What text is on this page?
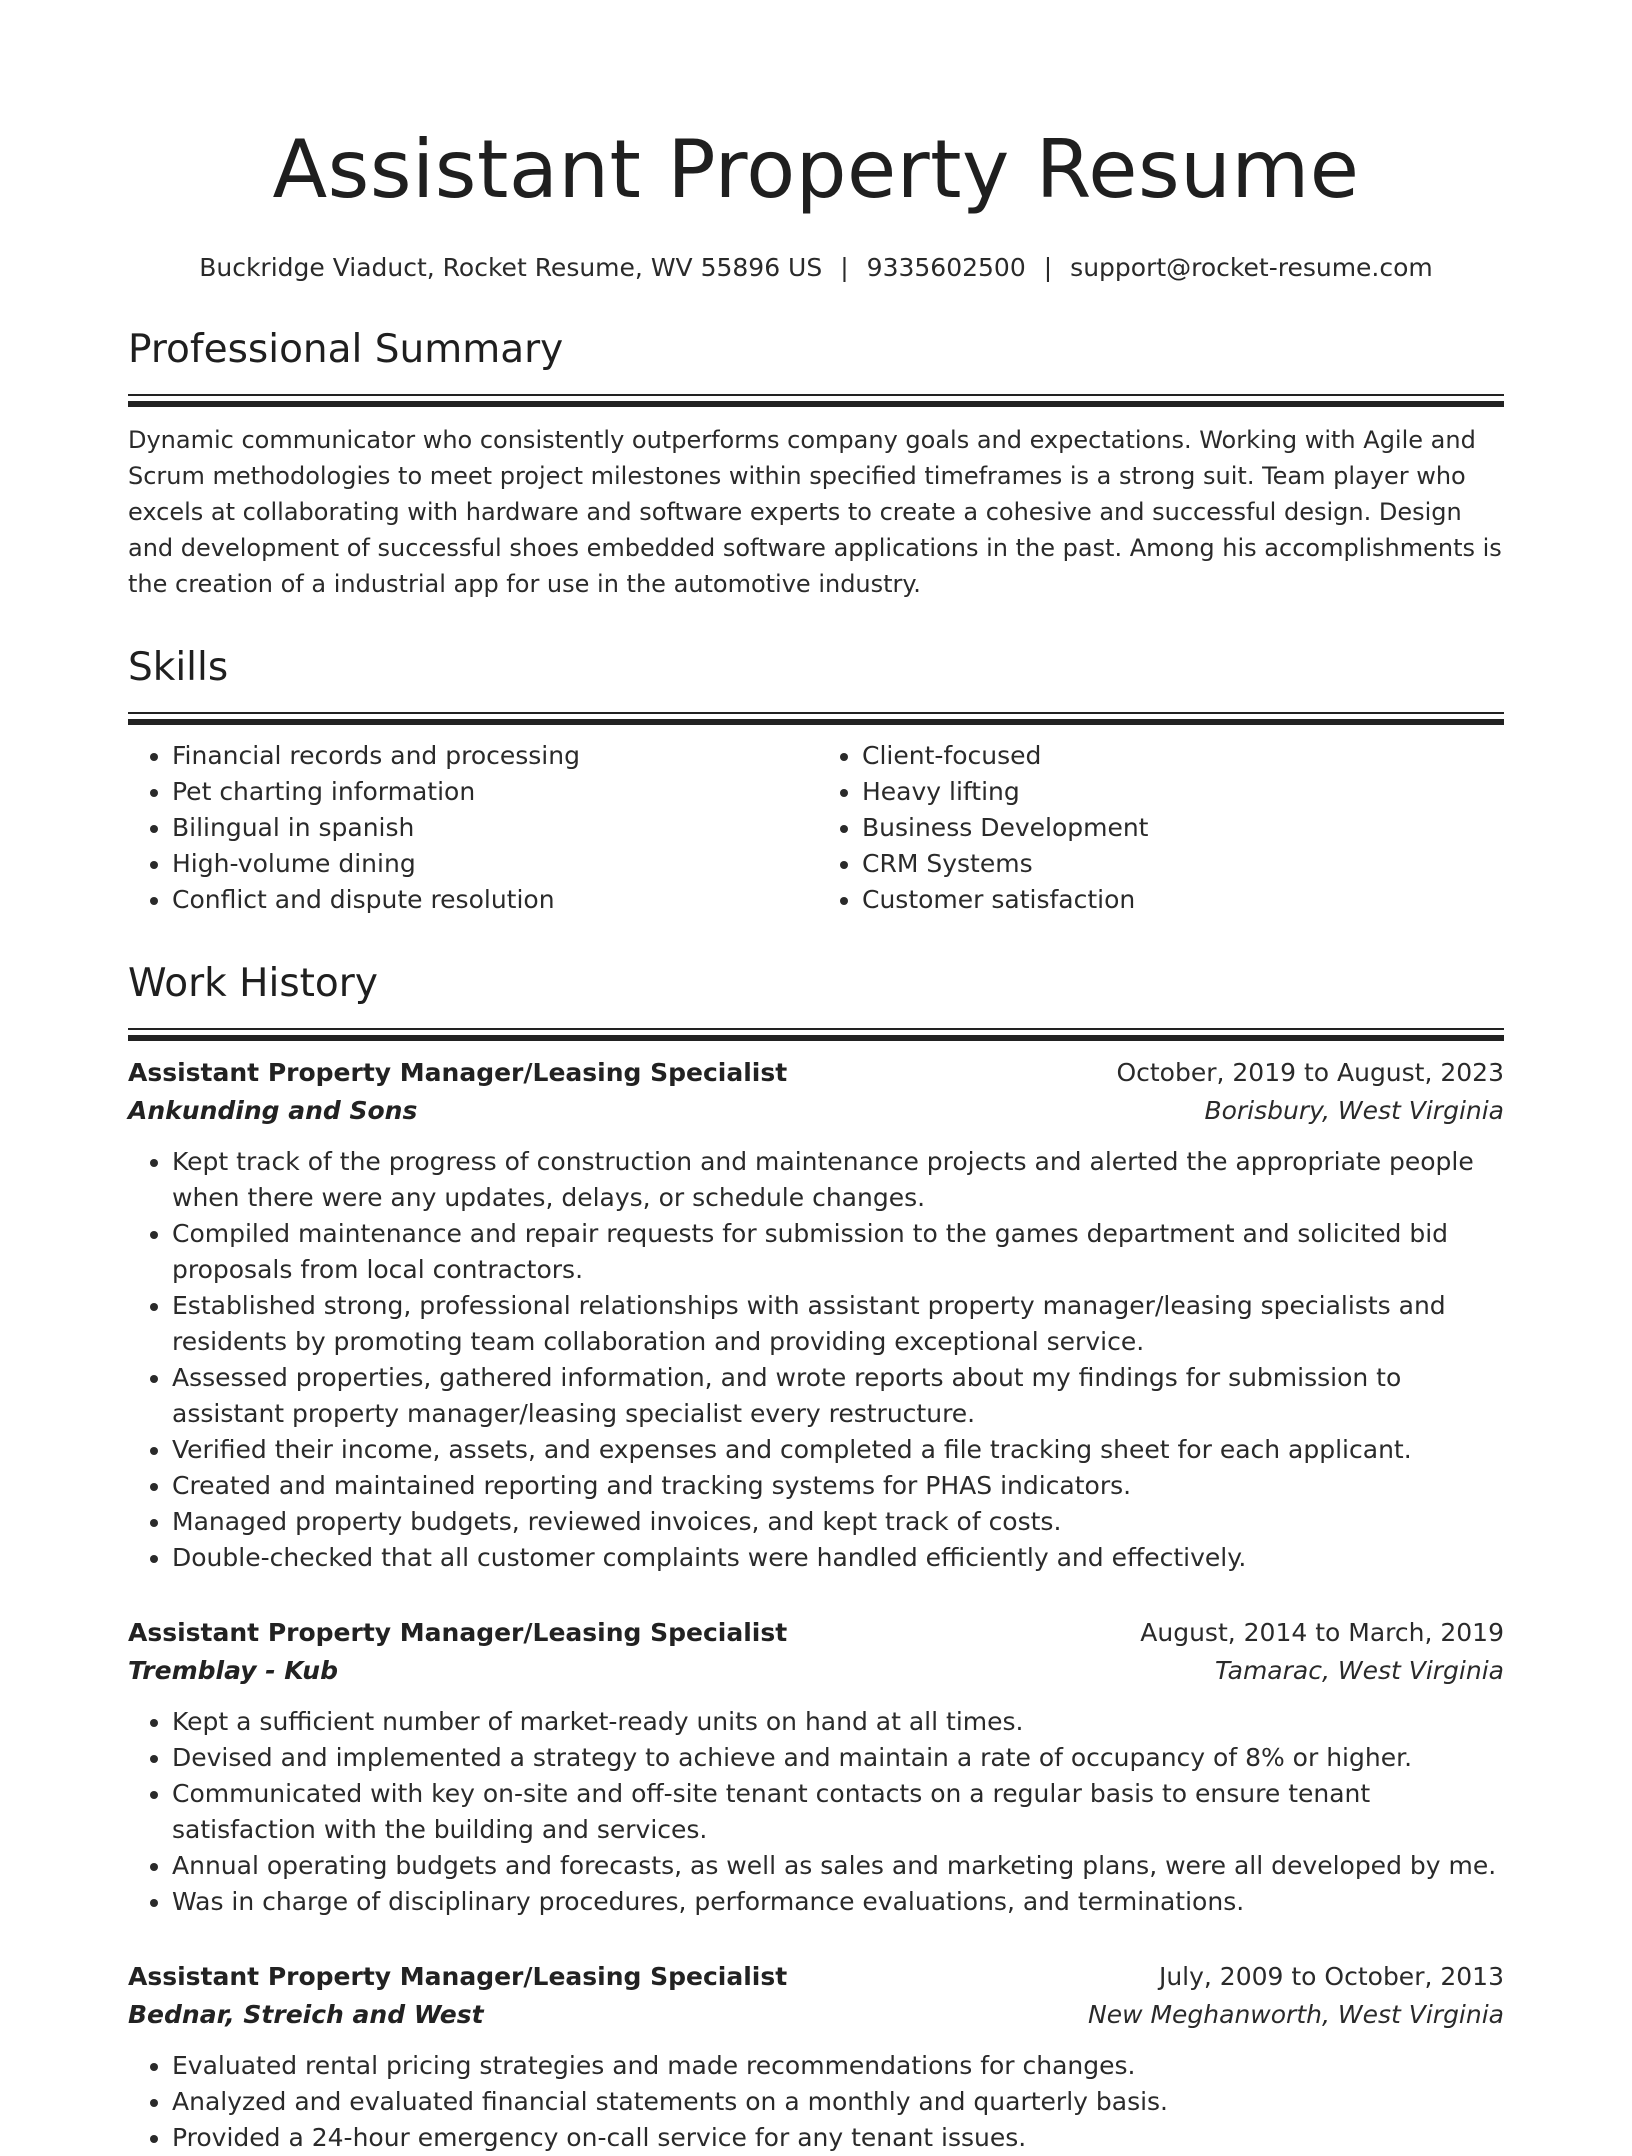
Assistant Property Resume
Buckridge Viaduct, Rocket Resume, WV 55896 US | 9335602500 | support@rocket-resume.com
Professional Summary
Dynamic communicator who consistently outperforms company goals and expectations. Working with Agile and Scrum methodologies to meet project milestones within specified timeframes is a strong suit. Team player who excels at collaborating with hardware and software experts to create a cohesive and successful design. Design and development of successful shoes embedded software applications in the past. Among his accomplishments is the creation of a industrial app for use in the automotive industry.
Skills
• Financial records and processing
• Pet charting information
• Bilingual in spanish
• High-volume dining
• Conflict and dispute resolution
• Client-focused
• Heavy lifting
• Business Development
• CRM Systems
• Customer satisfaction
Work History
Assistant Property Manager/Leasing Specialist	October, 2019 to August, 2023
Ankunding and Sons	Borisbury, West Virginia
• Kept track of the progress of construction and maintenance projects and alerted the appropriate people when there were any updates, delays, or schedule changes.
• Compiled maintenance and repair requests for submission to the games department and solicited bid proposals from local contractors.
• Established strong, professional relationships with assistant property manager/leasing specialists and residents by promoting team collaboration and providing exceptional service.
• Assessed properties, gathered information, and wrote reports about my findings for submission to assistant property manager/leasing specialist every restructure.
• Verified their income, assets, and expenses and completed a file tracking sheet for each applicant.
• Created and maintained reporting and tracking systems for PHAS indicators.
• Managed property budgets, reviewed invoices, and kept track of costs.
• Double-checked that all customer complaints were handled efficiently and effectively.
Assistant Property Manager/Leasing Specialist	August, 2014 to March, 2019
Tremblay - Kub	Tamarac, West Virginia
• Kept a sufficient number of market-ready units on hand at all times.
• Devised and implemented a strategy to achieve and maintain a rate of occupancy of 8% or higher.
• Communicated with key on-site and off-site tenant contacts on a regular basis to ensure tenant satisfaction with the building and services.
• Annual operating budgets and forecasts, as well as sales and marketing plans, were all developed by me.
• Was in charge of disciplinary procedures, performance evaluations, and terminations.
Assistant Property Manager/Leasing Specialist	July, 2009 to October, 2013
Bednar, Streich and West	New Meghanworth, West Virginia
• Evaluated rental pricing strategies and made recommendations for changes.
• Analyzed and evaluated financial statements on a monthly and quarterly basis.
• Provided a 24-hour emergency on-call service for any tenant issues.
